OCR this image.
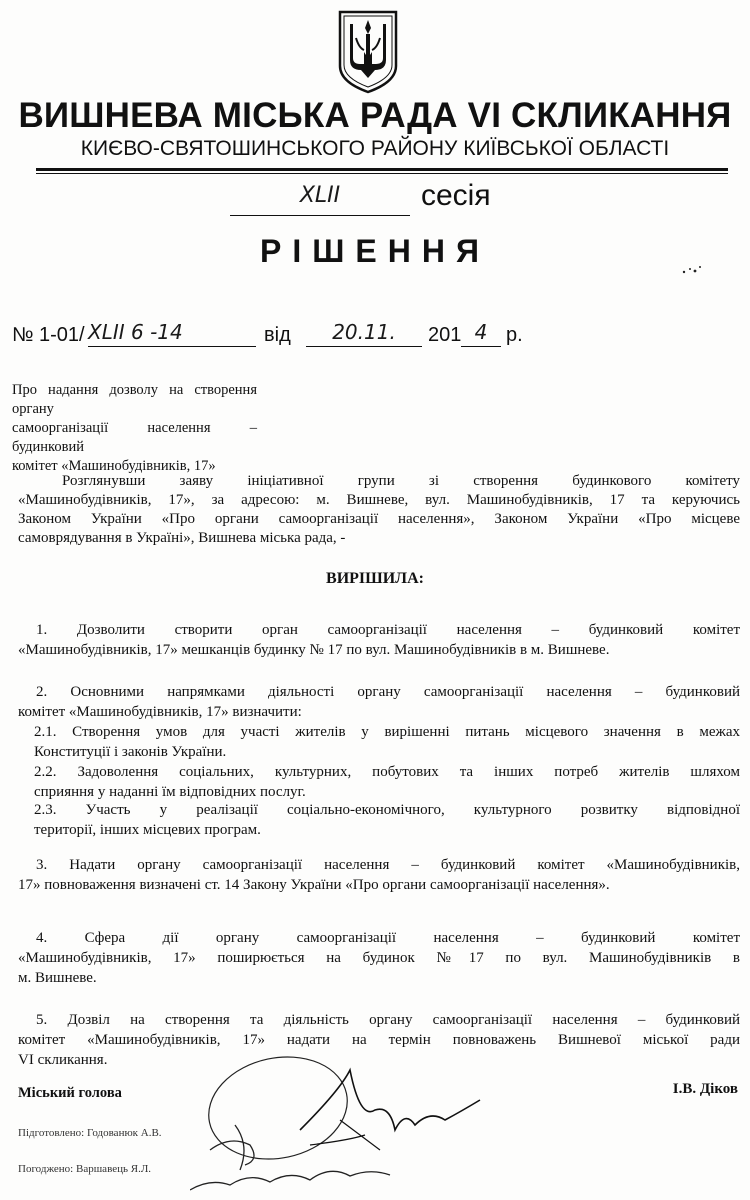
ВИШНЕВА МІСЬКА РАДА VI СКЛИКАННЯ
КИЄВО-СВЯТОШИНСЬКОГО РАЙОНУ КИЇВСЬКОЇ ОБЛАСТІ
XLII	сесія
РІШЕННЯ
№ 1-01/ XLII 6 -14	від	20.11.	201 4 р.
Про надання дозволу на створення органу
самоорганізації населення – будинковий
комітет «Машинобудівників, 17»
Розглянувши заяву ініціативної групи зі створення будинкового комітету
«Машинобудівників, 17», за адресою: м. Вишневе, вул. Машинобудівників, 17 та керуючись
Законом України «Про органи самоорганізації населення», Законом України «Про місцеве
самоврядування в Україні», Вишнева міська рада, -
ВИРІШИЛА:
1. Дозволити створити орган самоорганізації населення – будинковий комітет
«Машинобудівників, 17» мешканців будинку № 17 по вул. Машинобудівників в м. Вишневе.
2. Основними напрямками діяльності органу самоорганізації населення – будинковий
комітет «Машинобудівників, 17» визначити:
2.1. Створення умов для участі жителів у вирішенні питань місцевого значення в межах
Конституції і законів України.
2.2. Задоволення соціальних, культурних, побутових та інших потреб жителів шляхом
сприяння у наданні їм відповідних послуг.
2.3. Участь у реалізації соціально-економічного, культурного розвитку відповідної
території, інших місцевих програм.
3. Надати органу самоорганізації населення – будинковий комітет «Машинобудівників,
17» повноваження визначені ст. 14 Закону України «Про органи самоорганізації населення».
4. Сфера дії органу самоорганізації населення – будинковий комітет
«Машинобудівників, 17» поширюється на будинок №17 по вул. Машинобудівників в
м. Вишневе.
5. Дозвіл на створення та діяльність органу самоорганізації населення – будинковий
комітет «Машинобудівників, 17» надати на термін повноважень Вишневої міської ради
VI скликання.
Міський голова	І.В. Діков
Підготовлено: Годованюк А.В.
Погоджено: Варшавець Я.Л.
